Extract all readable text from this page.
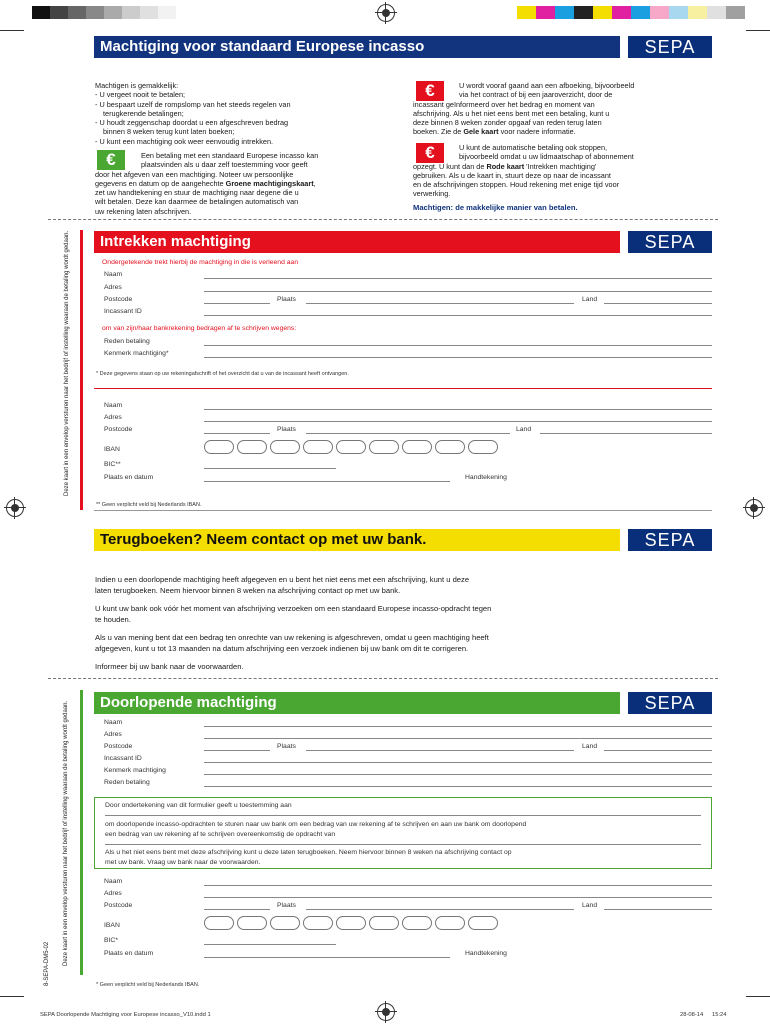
Machtiging voor standaard Europese incasso	SEPA

Machtigen is gemakkelijk:

- U vergeet nooit te betalen;

- U bespaart uzelf de rompslomp van het steeds regelen van

terugkerende betalingen;

- U houdt zeggenschap doordat u een afgeschreven bedrag

binnen 8 weken terug kunt laten boeken;

- U kunt een machtiging ook weer eenvoudig intrekken.

€	Een betaling met een standaard Europese incasso kan

plaatsvinden als u daar zelf toestemming voor geeft

door het afgeven van een machtiging. Noteer uw persoonlijke

gegevens en datum op de aangehechte Groene machtigingskaart,

zet uw handtekening en stuur de machtiging naar degene die u

wilt betalen. Deze kan daarmee de betalingen automatisch van

uw rekening laten afschrijven.

€	U wordt vooraf gaand aan een afboeking, bijvoorbeeld

via het contract of bij een jaaroverzicht, door de

incassant geïnformeerd over het bedrag en moment van

afschrijving. Als u het niet eens bent met een betaling, kunt u

deze binnen 8 weken zonder opgaaf van reden terug laten

boeken. Zie de Gele kaart voor nadere informatie.

€	U kunt de automatische betaling ook stoppen,

bijvoorbeeld omdat u uw lidmaatschap of abonnement

opzegt. U kunt dan de Rode kaart 'Intrekken machtiging'

gebruiken. Als u de kaart in, stuurt deze op naar de incassant

en de afschrijvingen stoppen. Houd rekening met enige tijd voor

verwerking.

Machtigen: de makkelijke manier van betalen.
Deze kaart in een envelop versturen naar het bedrijf of instelling waaraan de betaling wordt gedaan.	Intrekken machtiging	SEPA
Ondergetekende trekt hierbij de machtiging in die is verleend aan
Naam
Adres
Postcode	Plaats	Land
Incassant ID
om van zijn/haar bankrekening bedragen af te schrijven wegens:
Reden betaling
Kenmerk machtiging*
* Deze gegevens staan op uw rekeningafschrift of het overzicht dat u van de incassant heeft ontvangen.
Naam
Adres
Postcode	Plaats	Land
IBAN
BIC**
Plaats en datum	Handtekening
** Geen verplicht veld bij Nederlands IBAN.
Terugboeken? Neem contact op met uw bank.	SEPA

Indien u een doorlopende machtiging heeft afgegeven en u bent het niet eens met een afschrijving, kunt u deze

laten terugboeken. Neem hiervoor binnen 8 weken na afschrijving contact op met uw bank.

U kunt uw bank ook vóór het moment van afschrijving verzoeken om een standaard Europese incasso-opdracht tegen

te houden.

Als u van mening bent dat een bedrag ten onrechte van uw rekening is afgeschreven, omdat u geen machtiging heeft

afgegeven, kunt u tot 13 maanden na datum afschrijving een verzoek indienen bij uw bank om dit te corrigeren.

Informeer bij uw bank naar de voorwaarden.

Deze kaart in een envelop versturen naar het bedrijf of instelling waaraan de betaling wordt gedaan.
8-SEPA-DM5-02
Doorlopende machtiging	SEPA
Naam
Adres
Postcode	Plaats	Land
Incassant ID
Kenmerk machtiging
Reden betaling
Door ondertekening van dit formulier geeft u toestemming aan
om doorlopende incasso-opdrachten te sturen naar uw bank om een bedrag van uw rekening af te schrijven en aan uw bank om doorlopend
een bedrag van uw rekening af te schrijven overeenkomstig de opdracht van
Als u het niet eens bent met deze afschrijving kunt u deze laten terugboeken. Neem hiervoor binnen 8 weken na afschrijving contact op
met uw bank. Vraag uw bank naar de voorwaarden.
Naam
Adres
Postcode	Plaats	Land
IBAN
BIC*
Plaats en datum	Handtekening
* Geen verplicht veld bij Nederlands IBAN.
SEPA Doorlopende Machtiging voor Europese incasso_V10.indd 1	28-08-14 15:24
